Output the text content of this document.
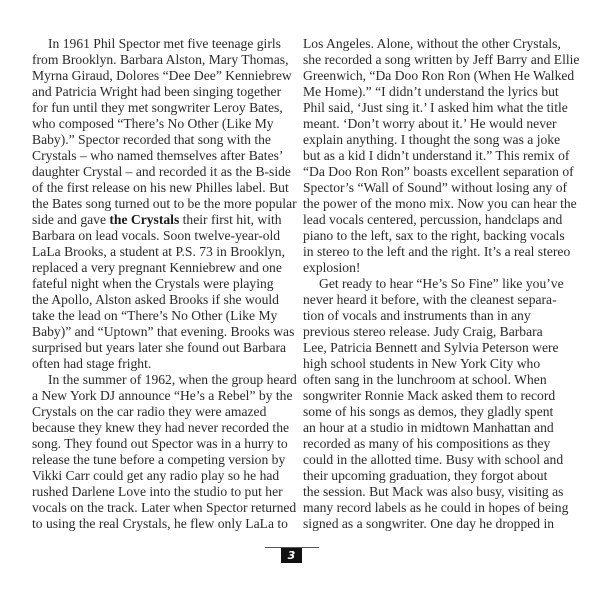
In 1961 Phil Spector met five teenage girls
from Brooklyn. Barbara Alston, Mary Thomas,
Myrna Giraud, Dolores “Dee Dee” Kenniebrew
and Patricia Wright had been singing together
for fun until they met songwriter Leroy Bates,
who composed “There’s No Other (Like My
Baby).” Spector recorded that song with the
Crystals – who named themselves after Bates’
daughter Crystal – and recorded it as the B-side
of the first release on his new Philles label. But
the Bates song turned out to be the more popular
side and gave the Crystals their first hit, with
Barbara on lead vocals. Soon twelve-year-old
LaLa Brooks, a student at P.S. 73 in Brooklyn,
replaced a very pregnant Kenniebrew and one
fateful night when the Crystals were playing
the Apollo, Alston asked Brooks if she would
take the lead on “There’s No Other (Like My
Baby)” and “Uptown” that evening. Brooks was
surprised but years later she found out Barbara
often had stage fright.
In the summer of 1962, when the group heard
a New York DJ announce “He’s a Rebel” by the
Crystals on the car radio they were amazed
because they knew they had never recorded the
song. They found out Spector was in a hurry to
release the tune before a competing version by
Vikki Carr could get any radio play so he had
rushed Darlene Love into the studio to put her
vocals on the track. Later when Spector returned
to using the real Crystals, he flew only LaLa to
Los Angeles. Alone, without the other Crystals,
she recorded a song written by Jeff Barry and Ellie
Greenwich, “Da Doo Ron Ron (When He Walked
Me Home).” “I didn’t understand the lyrics but
Phil said, ‘Just sing it.’ I asked him what the title
meant. ‘Don’t worry about it.’ He would never
explain anything. I thought the song was a joke
but as a kid I didn’t understand it.” This remix of
“Da Doo Ron Ron” boasts excellent separation of
Spector’s “Wall of Sound” without losing any of
the power of the mono mix. Now you can hear the
lead vocals centered, percussion, handclaps and
piano to the left, sax to the right, backing vocals
in stereo to the left and the right. It’s a real stereo
explosion!
Get ready to hear “He’s So Fine” like you’ve
never heard it before, with the cleanest separa-
tion of vocals and instruments than in any
previous stereo release. Judy Craig, Barbara
Lee, Patricia Bennett and Sylvia Peterson were
high school students in New York City who
often sang in the lunchroom at school. When
songwriter Ronnie Mack asked them to record
some of his songs as demos, they gladly spent
an hour at a studio in midtown Manhattan and
recorded as many of his compositions as they
could in the allotted time. Busy with school and
their upcoming graduation, they forgot about
the session. But Mack was also busy, visiting as
many record labels as he could in hopes of being
signed as a songwriter. One day he dropped in
3
